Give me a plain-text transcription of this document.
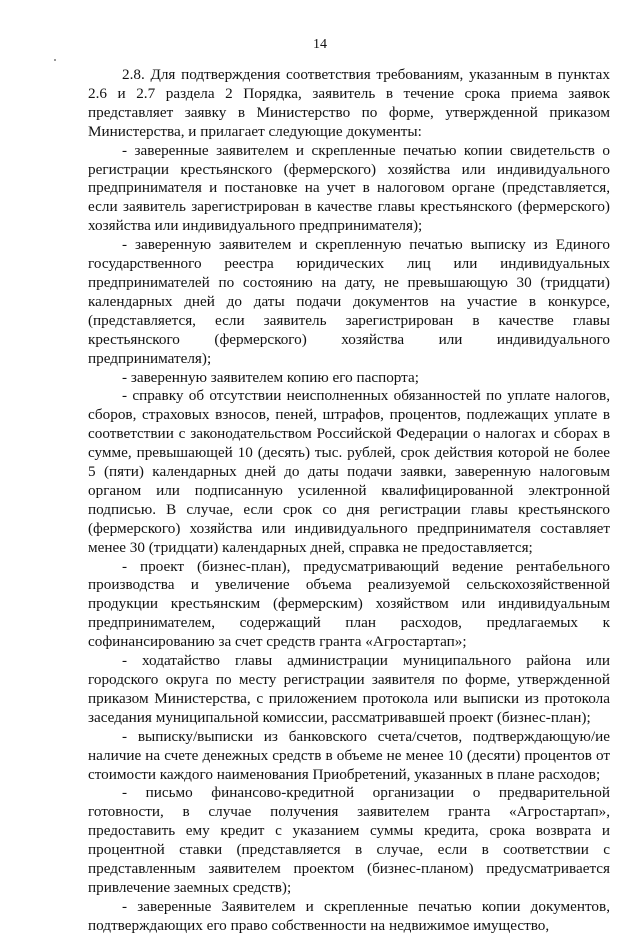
14

2.8. Для подтверждения соответствия требованиям, указанным в пунктах 2.6 и 2.7 раздела 2 Порядка, заявитель в течение срока приема заявок представляет заявку в Министерство по форме, утвержденной приказом Министерства, и прилагает следующие документы:

- заверенные заявителем и скрепленные печатью копии свидетельств о регистрации крестьянского (фермерского) хозяйства или индивидуального предпринимателя и постановке на учет в налоговом органе (представляется, если заявитель зарегистрирован в качестве главы крестьянского (фермерского) хозяйства или индивидуального предпринимателя);

- заверенную заявителем и скрепленную печатью выписку из Единого государственного реестра юридических лиц или индивидуальных предпринимателей по состоянию на дату, не превышающую 30 (тридцати) календарных дней до даты подачи документов на участие в конкурсе, (представляется, если заявитель зарегистрирован в качестве главы крестьянского (фермерского) хозяйства или индивидуального предпринимателя);

- заверенную заявителем копию его паспорта;

- справку об отсутствии неисполненных обязанностей по уплате налогов, сборов, страховых взносов, пеней, штрафов, процентов, подлежащих уплате в соответствии с законодательством Российской Федерации о налогах и сборах в сумме, превышающей 10 (десять) тыс. рублей, срок действия которой не более 5 (пяти) календарных дней до даты подачи заявки, заверенную налоговым органом или подписанную усиленной квалифицированной электронной подписью. В случае, если срок со дня регистрации главы крестьянского (фермерского) хозяйства или индивидуального предпринимателя составляет менее 30 (тридцати) календарных дней, справка не предоставляется;

- проект (бизнес-план), предусматривающий ведение рентабельного производства и увеличение объема реализуемой сельскохозяйственной продукции крестьянским (фермерским) хозяйством или индивидуальным предпринимателем, содержащий план расходов, предлагаемых к софинансированию за счет средств гранта «Агростартап»;

- ходатайство главы администрации муниципального района или городского округа по месту регистрации заявителя по форме, утвержденной приказом Министерства, с приложением протокола или выписки из протокола заседания муниципальной комиссии, рассматривавшей проект (бизнес-план);

- выписку/выписки из банковского счета/счетов, подтверждающую/ие наличие на счете денежных средств в объеме не менее 10 (десяти) процентов от стоимости каждого наименования Приобретений, указанных в плане расходов;

- письмо финансово-кредитной организации о предварительной готовности, в случае получения заявителем гранта «Агростартап», предоставить ему кредит с указанием суммы кредита, срока возврата и процентной ставки (представляется в случае, если в соответствии с представленным заявителем проектом (бизнес-планом) предусматривается привлечение заемных средств);

- заверенные Заявителем и скрепленные печатью копии документов, подтверждающих его право собственности на недвижимое имущество,
